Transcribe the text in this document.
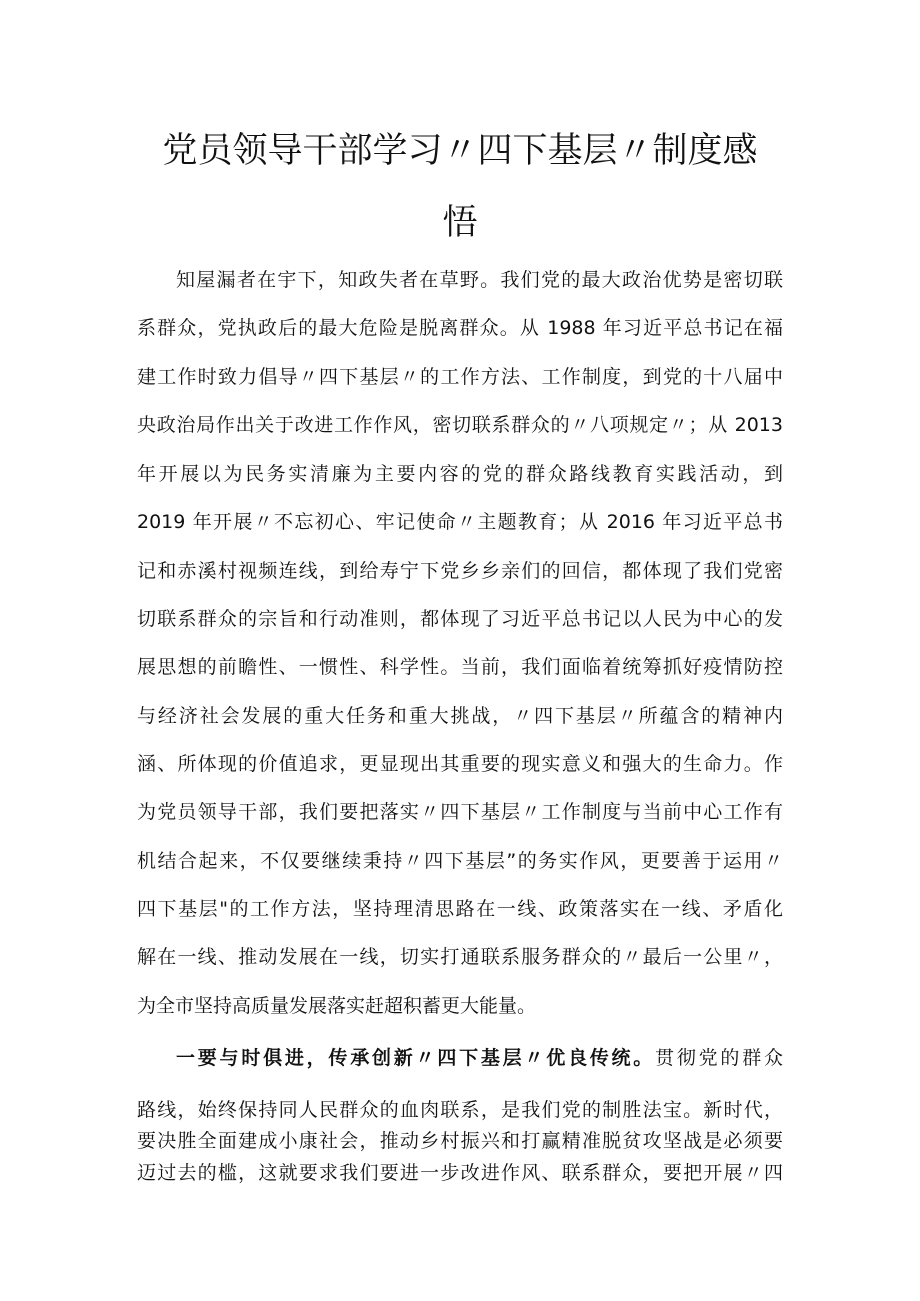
党员领导干部学习〃四下基层〃制度感
悟
知屋漏者在宇下，知政失者在草野。我们党的最大政治优势是密切联
系群众，党执政后的最大危险是脱离群众。从 1988 年习近平总书记在福
建工作时致力倡导〃四下基层〃的工作方法、工作制度，到党的十八届中
央政治局作出关于改进工作作风，密切联系群众的〃八项规定〃；从 2013
年开展以为民务实清廉为主要内容的党的群众路线教育实践活动，到
2019 年开展〃不忘初心、牢记使命〃主题教育；从 2016 年习近平总书
记和赤溪村视频连线，到给寿宁下党乡乡亲们的回信，都体现了我们党密
切联系群众的宗旨和行动准则，都体现了习近平总书记以人民为中心的发
展思想的前瞻性、一惯性、科学性。当前，我们面临着统筹抓好疫情防控
与经济社会发展的重大任务和重大挑战，〃四下基层〃所蕴含的精神内
涵、所体现的价值追求，更显现出其重要的现实意义和强大的生命力。作
为党员领导干部，我们要把落实〃四下基层〃工作制度与当前中心工作有
机结合起来，不仅要继续秉持〃四下基层”的务实作风，更要善于运用〃
四下基层"的工作方法，坚持理清思路在一线、政策落实在一线、矛盾化
解在一线、推动发展在一线，切实打通联系服务群众的〃最后一公里〃，
为全市坚持高质量发展落实赶超积蓄更大能量。
一要与时俱进，传承创新〃四下基层〃优良传统。贯彻党的群众
路线，始终保持同人民群众的血肉联系，是我们党的制胜法宝。新时代，
要决胜全面建成小康社会，推动乡村振兴和打赢精准脱贫攻坚战是必须要
迈过去的槛，这就要求我们要进一步改进作风、联系群众，要把开展〃四
